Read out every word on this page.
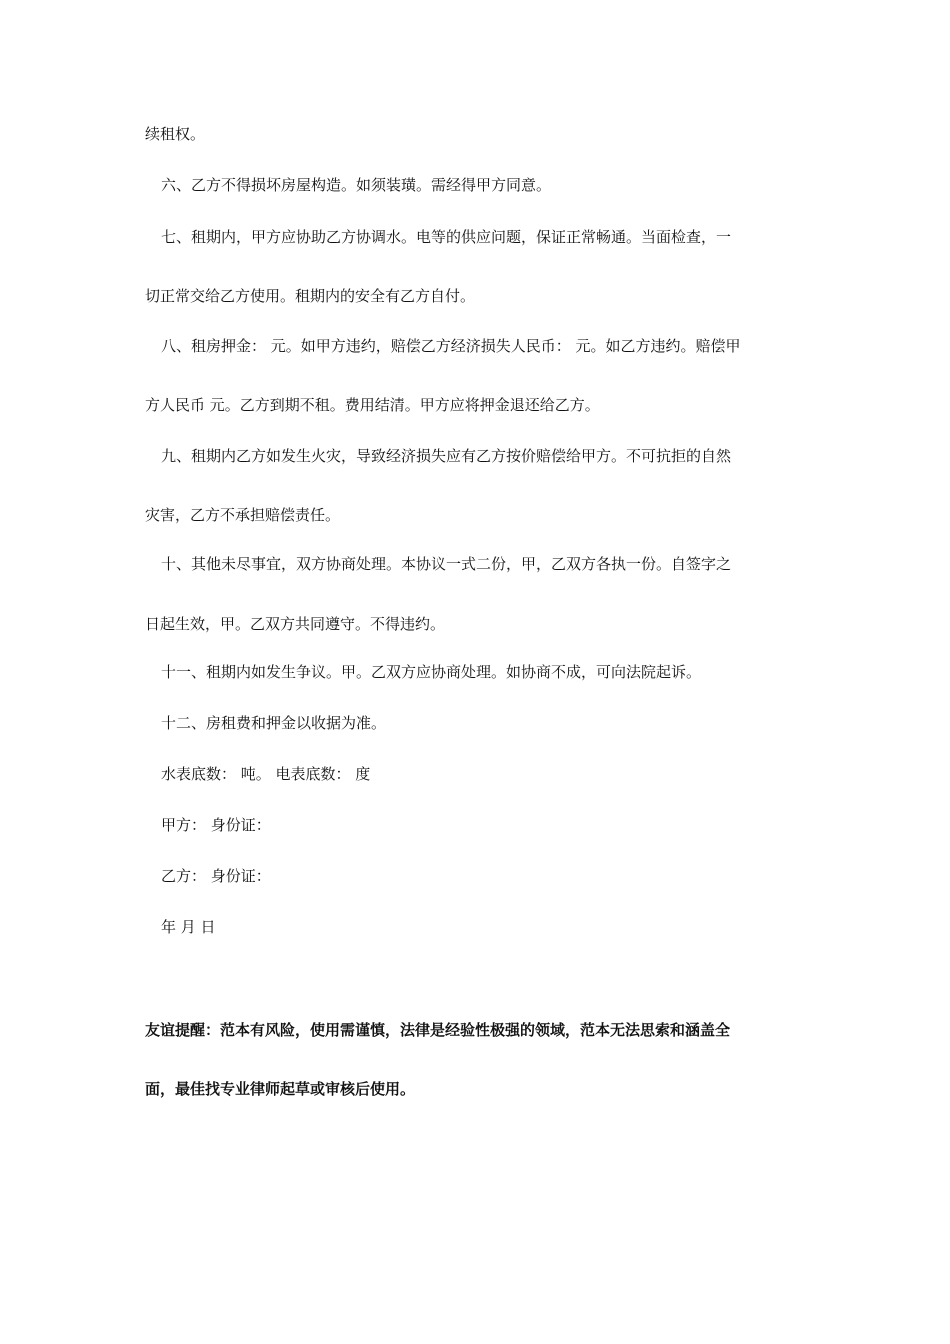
续租权。
六、乙方不得损坏房屋构造。如须装璜。需经得甲方同意。
七、租期内，甲方应协助乙方协调水。电等的供应问题，保证正常畅通。当面检查，一
切正常交给乙方使用。租期内的安全有乙方自付。
八、租房押金： 元。如甲方违约，赔偿乙方经济损失人民币： 元。如乙方违约。赔偿甲
方人民币 元。乙方到期不租。费用结清。甲方应将押金退还给乙方。
九、租期内乙方如发生火灾，导致经济损失应有乙方按价赔偿给甲方。不可抗拒的自然
灾害，乙方不承担赔偿责任。
十、其他未尽事宜，双方协商处理。本协议一式二份，甲，乙双方各执一份。自签字之
日起生效，甲。乙双方共同遵守。不得违约。
十一、租期内如发生争议。甲。乙双方应协商处理。如协商不成，可向法院起诉。
十二、房租费和押金以收据为准。
水表底数： 吨。 电表底数： 度
甲方： 身份证：
乙方： 身份证：
年 月 日
友谊提醒：范本有风险，使用需谨慎，法律是经验性极强的领域，范本无法思索和涵盖全
面，最佳找专业律师起草或审核后使用。
